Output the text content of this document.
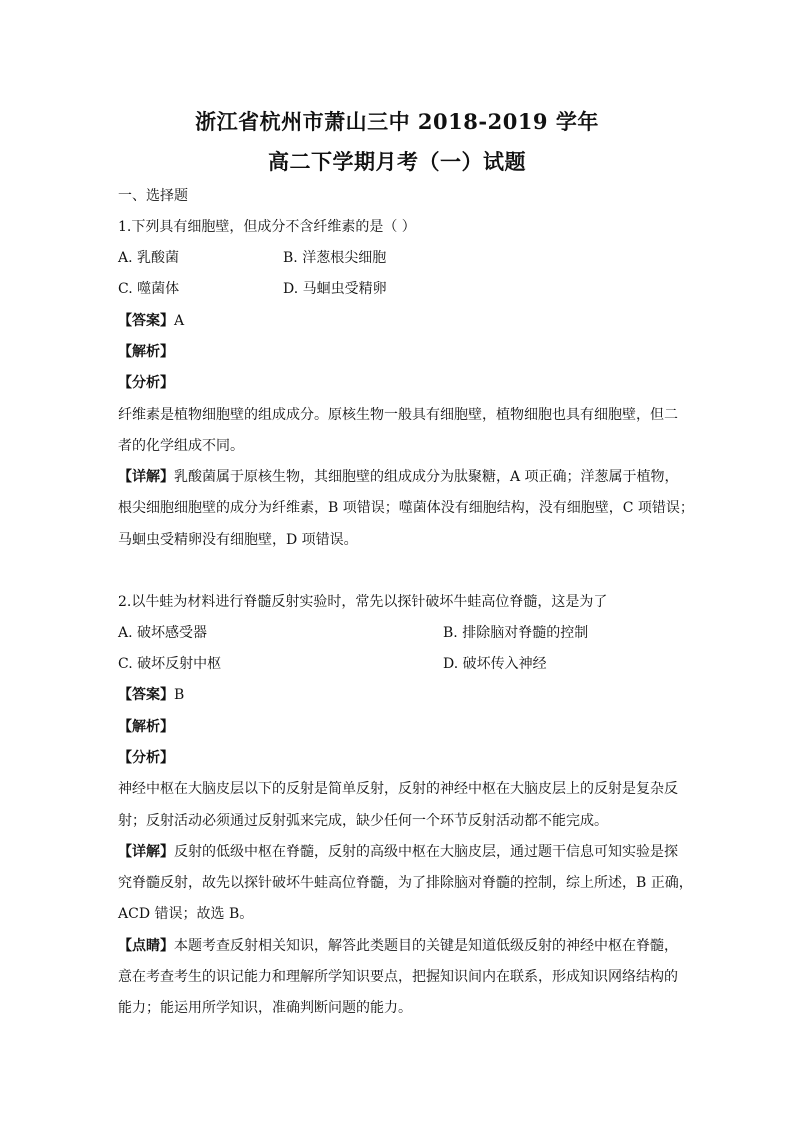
浙江省杭州市萧山三中 2018-2019 学年
高二下学期月考（一）试题
一、选择题
1.下列具有细胞壁，但成分不含纤维素的是（ ）
A. 乳酸菌	B. 洋葱根尖细胞
C. 噬菌体	D. 马蛔虫受精卵
【答案】A
【解析】
【分析】
纤维素是植物细胞壁的组成成分。原核生物一般具有细胞壁，植物细胞也具有细胞壁，但二
者的化学组成不同。
【详解】乳酸菌属于原核生物，其细胞壁的组成成分为肽聚糖，A 项正确；洋葱属于植物，
根尖细胞细胞壁的成分为纤维素，B 项错误；噬菌体没有细胞结构，没有细胞壁，C 项错误；
马蛔虫受精卵没有细胞壁，D 项错误。
2.以牛蛙为材料进行脊髓反射实验时，常先以探针破坏牛蛙高位脊髓，这是为了
A. 破坏感受器	B. 排除脑对脊髓的控制
C. 破坏反射中枢	D. 破坏传入神经
【答案】B
【解析】
【分析】
神经中枢在大脑皮层以下的反射是简单反射，反射的神经中枢在大脑皮层上的反射是复杂反
射；反射活动必须通过反射弧来完成，缺少任何一个环节反射活动都不能完成。
【详解】反射的低级中枢在脊髓，反射的高级中枢在大脑皮层，通过题干信息可知实验是探
究脊髓反射，故先以探针破坏牛蛙高位脊髓，为了排除脑对脊髓的控制，综上所述，B 正确，
ACD 错误；故选 B。
【点睛】本题考查反射相关知识，解答此类题目的关键是知道低级反射的神经中枢在脊髓，
意在考查考生的识记能力和理解所学知识要点，把握知识间内在联系，形成知识网络结构的
能力；能运用所学知识，准确判断问题的能力。
